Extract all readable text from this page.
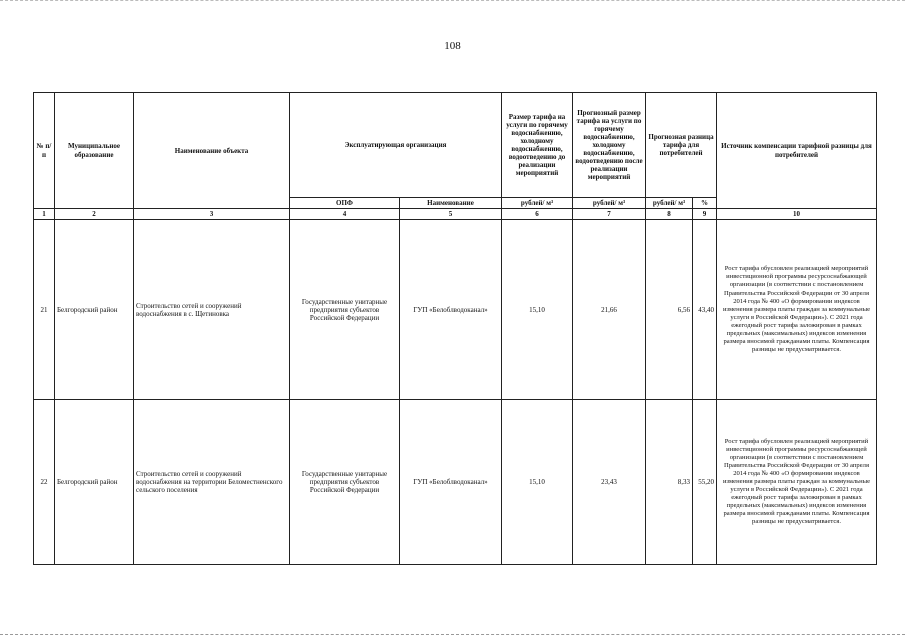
108
№ п/п	Муниципальное образование	Наименование объекта	Эксплуатирующая организация		Размер тарифа на услуги по горячему водоснабжению, холодному водоснабжению, водоотведению до реализации мероприятий	Прогнозный размер тарифа на услуги по горячему водоснабжению, холодному водоснабжению, водоотведению после реализации мероприятий	Прогнозная разница тарифа для потребителей		Источник компенсации тарифной разницы для потребителей
			ОПФ	Наименование	рублей/ м³	рублей/ м³	рублей/ м³	%	
1	2	3	4	5	6	7	8	9	10
21	Белгородский район	Строительство сетей и сооружений водоснабжения в с. Щетиновка	Государственные унитарные предприятия субъектов Российской Федерации	ГУП «Белоблводоканал»	15,10	21,66	6,56	43,40	Рост тарифа обусловлен реализацией мероприятий инвестиционной программы ресурсоснабжающей организации (в соответствии с постановлением Правительства Российской Федерации от 30 апреля 2014 года № 400 «О формировании индексов изменения размера платы граждан за коммунальные услуги в Российской Федерации»). С 2021 года ежегодный рост тарифа заложирован в рамках предельных (максимальных) индексов изменения размера вносимой гражданами платы. Компенсация разницы не предусматривается.
22	Белгородский район	Строительство сетей и сооружений водоснабжения на территории Беломестненского сельского поселения	Государственные унитарные предприятия субъектов Российской Федерации	ГУП «Белоблводоканал»	15,10	23,43	8,33	55,20	Рост тарифа обусловлен реализацией мероприятий инвестиционной программы ресурсоснабжающей организации (в соответствии с постановлением Правительства Российской Федерации от 30 апреля 2014 года № 400 «О формировании индексов изменения размера платы граждан за коммунальные услуги в Российской Федерации»). С 2021 года ежегодный рост тарифа заложирован в рамках предельных (максимальных) индексов изменения размера вносимой гражданами платы. Компенсация разницы не предусматривается.
